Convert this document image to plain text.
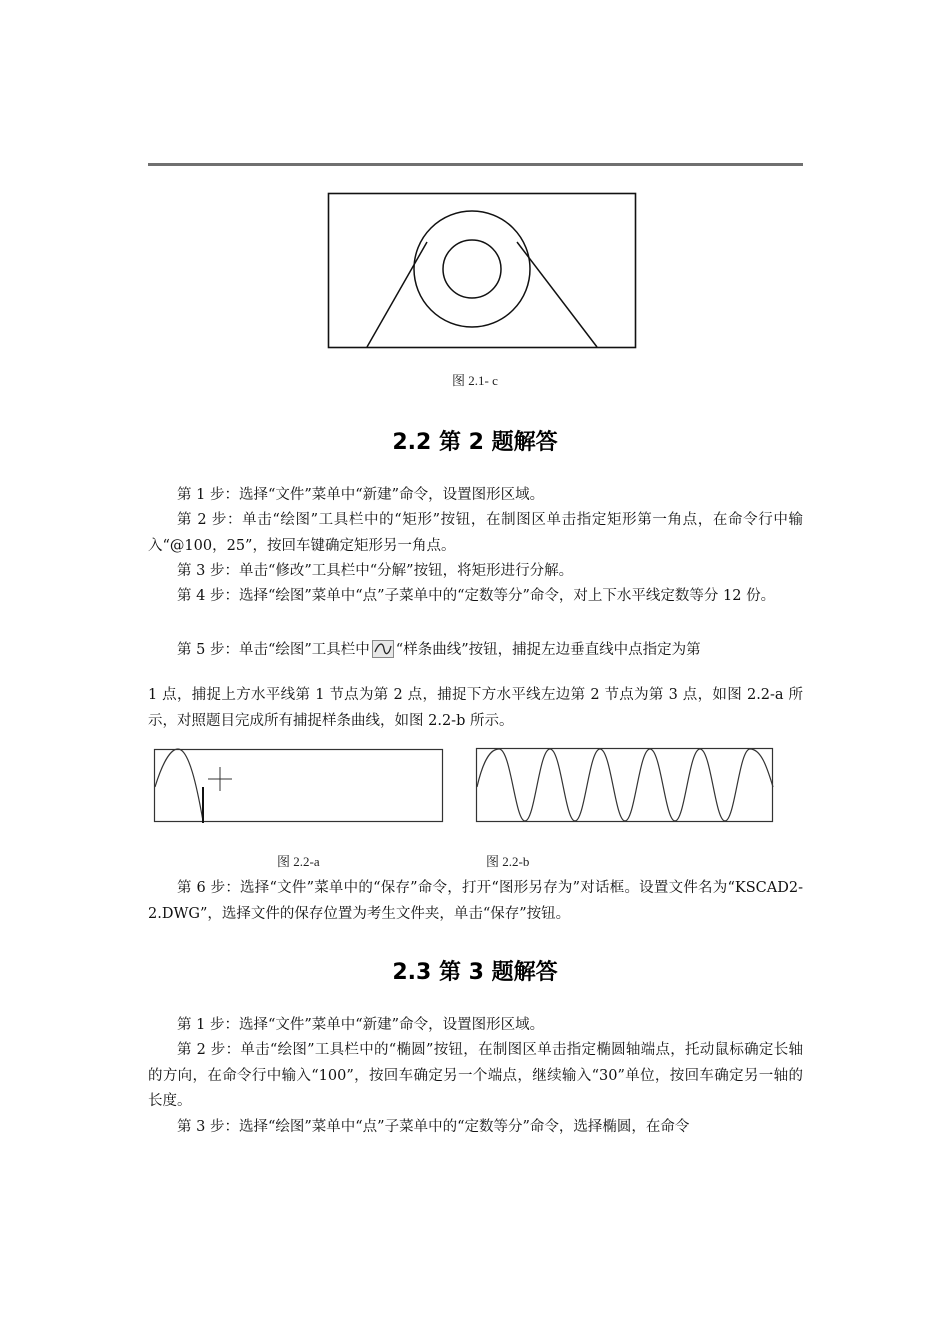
图 2.1- c
2.2 第 2 题解答

第 1 步：选择“文件”菜单中“新建”命令，设置图形区域。

第 2 步：单击“绘图”工具栏中的“矩形”按钮，在制图区单击指定矩形第一角点，在命令行中输入“@100，25”，按回车键确定矩形另一角点。

第 3 步：单击“修改”工具栏中“分解”按钮，将矩形进行分解。

第 4 步：选择“绘图”菜单中“点”子菜单中的“定数等分”命令，对上下水平线定数等分 12 份。

第 5 步：单击“绘图”工具栏中 “样条曲线”按钮，捕捉左边垂直线中点指定为第

1 点，捕捉上方水平线第 1 节点为第 2 点，捕捉下方水平线左边第 2 节点为第 3 点，如图 2.2-a 所示，对照题目完成所有捕捉样条曲线，如图 2.2-b 所示。

图 2.2-a	图 2.2-b

第 6 步：选择“文件”菜单中的“保存”命令，打开“图形另存为”对话框。设置文件名为“KSCAD2-2.DWG”，选择文件的保存位置为考生文件夹，单击“保存”按钮。

2.3 第 3 题解答

第 1 步：选择“文件”菜单中“新建”命令，设置图形区域。

第 2 步：单击“绘图”工具栏中的“椭圆”按钮，在制图区单击指定椭圆轴端点，托动鼠标确定长轴的方向，在命令行中输入“100”，按回车确定另一个端点，继续输入“30”单位，按回车确定另一轴的长度。

第 3 步：选择“绘图”菜单中“点”子菜单中的“定数等分”命令，选择椭圆，在命令
